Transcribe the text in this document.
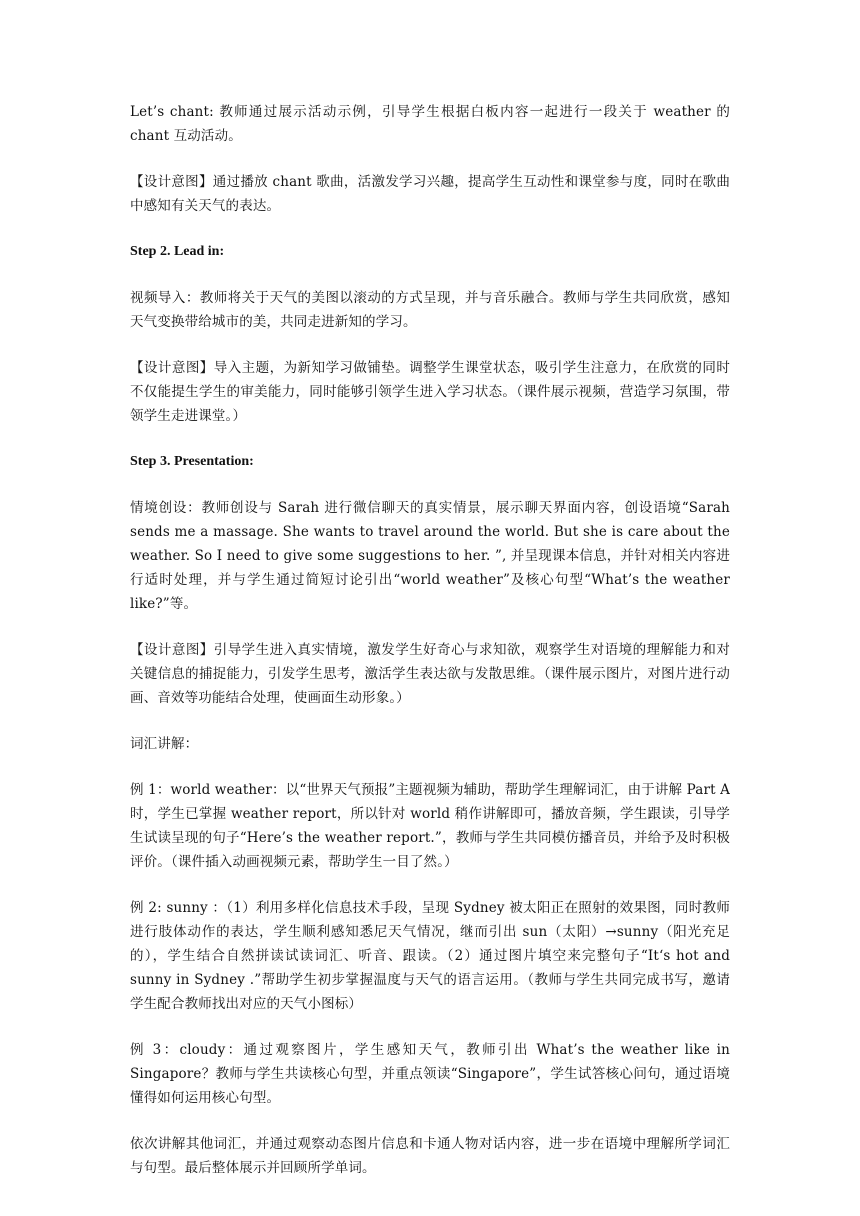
Let’s chant: 教师通过展示活动示例，引导学生根据白板内容一起进行一段关于 weather 的 chant 互动活动。

【设计意图】通过播放 chant 歌曲，活激发学习兴趣，提高学生互动性和课堂参与度，同时在歌曲中感知有关天气的表达。

Step 2. Lead in:

视频导入：教师将关于天气的美图以滚动的方式呈现，并与音乐融合。教师与学生共同欣赏，感知天气变换带给城市的美，共同走进新知的学习。

【设计意图】导入主题，为新知学习做铺垫。调整学生课堂状态，吸引学生注意力，在欣赏的同时不仅能提生学生的审美能力，同时能够引领学生进入学习状态。（课件展示视频，营造学习氛围，带领学生走进课堂。）

Step 3. Presentation:

情境创设：教师创设与 Sarah 进行微信聊天的真实情景，展示聊天界面内容，创设语境“Sarah sends me a massage. She wants to travel around the world. But she is care about the weather. So I need to give some suggestions to her. ”, 并呈现课本信息，并针对相关内容进行适时处理，并与学生通过简短讨论引出“world weather”及核心句型“What’s the weather like?”等。

【设计意图】引导学生进入真实情境，激发学生好奇心与求知欲，观察学生对语境的理解能力和对关键信息的捕捉能力，引发学生思考，激活学生表达欲与发散思维。（课件展示图片，对图片进行动画、音效等功能结合处理，使画面生动形象。）

词汇讲解：

例 1：world weather：以“世界天气预报”主题视频为辅助，帮助学生理解词汇，由于讲解 Part A 时，学生已掌握 weather report，所以针对 world 稍作讲解即可，播放音频，学生跟读，引导学生试读呈现的句子“Here’s the weather report.”，教师与学生共同模仿播音员，并给予及时积极评价。（课件插入动画视频元素，帮助学生一目了然。）

例 2: sunny ：（1）利用多样化信息技术手段，呈现 Sydney 被太阳正在照射的效果图，同时教师进行肢体动作的表达，学生顺利感知悉尼天气情况，继而引出 sun（太阳）→sunny（阳光充足的），学生结合自然拼读试读词汇、听音、跟读。（2）通过图片填空来完整句子“It‘s hot and sunny in Sydney .”帮助学生初步掌握温度与天气的语言运用。（教师与学生共同完成书写，邀请学生配合教师找出对应的天气小图标）

例 3：cloudy：通过观察图片，学生感知天气，教师引出 What’s the weather like in Singapore？教师与学生共读核心句型，并重点领读“Singapore”，学生试答核心问句，通过语境懂得如何运用核心句型。

依次讲解其他词汇，并通过观察动态图片信息和卡通人物对话内容，进一步在语境中理解所学词汇与句型。最后整体展示并回顾所学单词。
